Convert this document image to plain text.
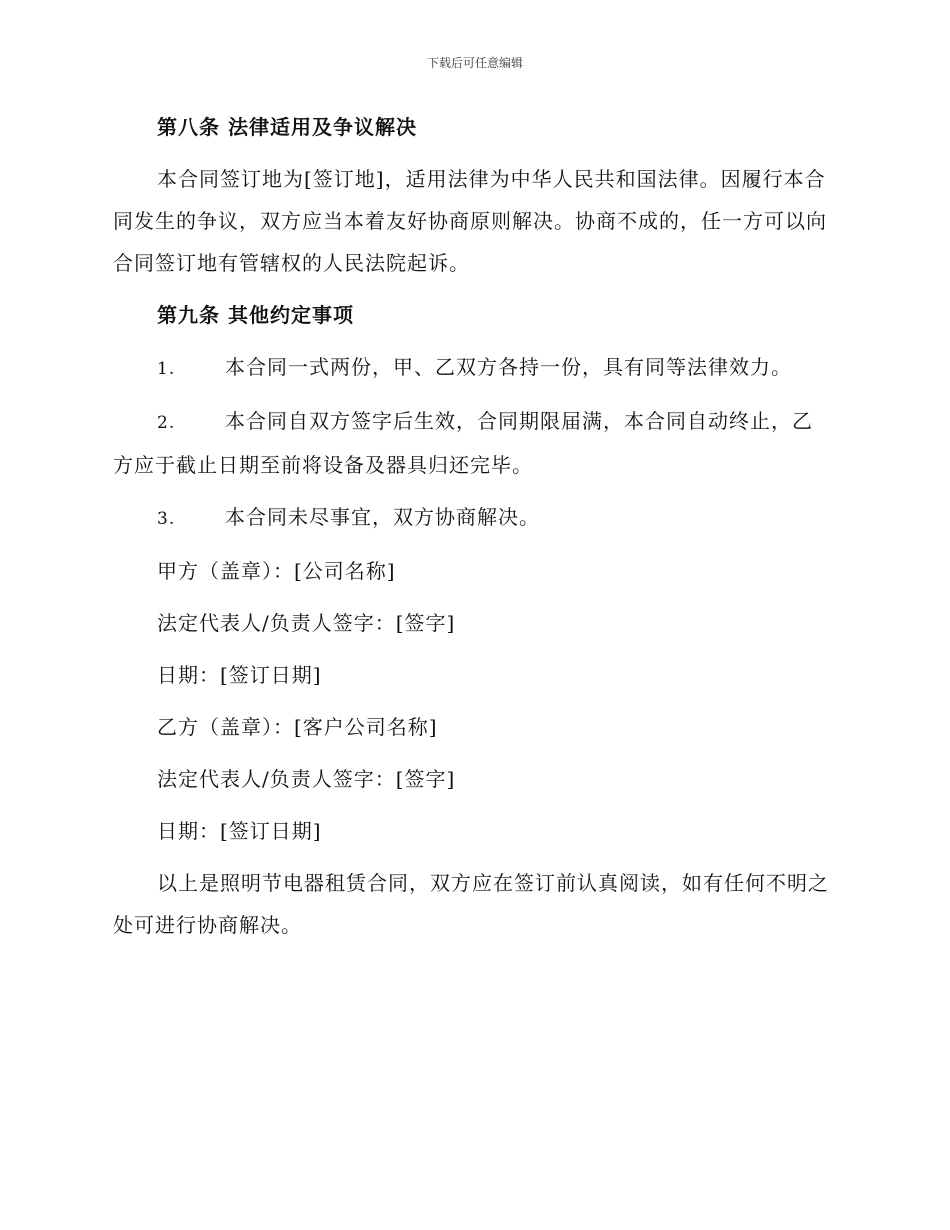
下载后可任意编辑
第八条 法律适用及争议解决
本合同签订地为[签订地]，适用法律为中华人民共和国法律。因履行本合同发生的争议，双方应当本着友好协商原则解决。协商不成的，任一方可以向合同签订地有管辖权的人民法院起诉。
第九条 其他约定事项
1. 本合同一式两份，甲、乙双方各持一份，具有同等法律效力。
2. 本合同自双方签字后生效，合同期限届满，本合同自动终止，乙方应于截止日期至前将设备及器具归还完毕。
3. 本合同未尽事宜，双方协商解决。
甲方（盖章）：[公司名称]
法定代表人/负责人签字：[签字]
日期：[签订日期]
乙方（盖章）：[客户公司名称]
法定代表人/负责人签字：[签字]
日期：[签订日期]
以上是照明节电器租赁合同，双方应在签订前认真阅读，如有任何不明之处可进行协商解决。
